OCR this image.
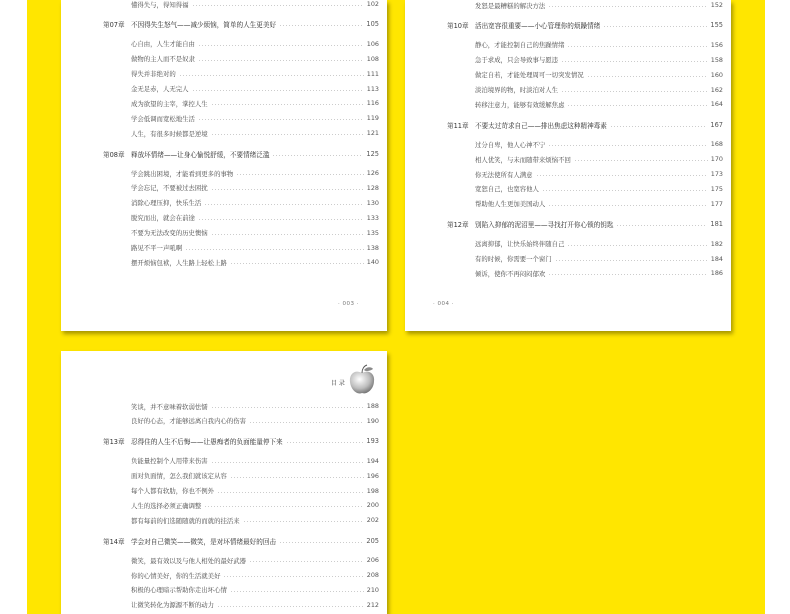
懂得失与，得知得福	102
第07章 不因得失生怒气——减少烦恼，简单的人生更美好	105
心自由，人生才能自由	106
做物的主人而不是奴隶	108
得失并非绝对的	111
金无足赤，人无完人	113
成为欲望的主宰，掌控人生	116
学会低调而宽松地生活	119
人生，有很多时候都是逆境	121
第08章 释放坏情绪——让身心愉悦舒缓，不要情绪泛滥	125
学会跳出困境，才能看到更多的事物	126
学会忘记，不要被过去困扰	128
消除心理压抑，快乐生活	130
脱究而出，就会在前途	133
不要为无法改变的历史懊恼	135
路见不平一声吼啊	138
摆开烦恼包袱，人生路上轻松上路	140
· 003 ·
发怒是最糟糕的解决方法	152
第10章 活出宽容很重要——小心管理你的烦躁情绪	155
静心，才能控制自己的焦躁情绪	156
急于求成，只会导致事与愿违	158
做定自若，才能处理周可一切突发情况	160
淡泊境界的物，时淡泊对人生	162
转移注意力，能够有效缓解焦虑	164
第11章 不要太过苛求自己——排出焦虑这种精神毒素	167
过分自卑，他人心神不宁	168
相人优笑，与未而随带来烦恼不回	170
你无法使所有人满意	173
宽恕自己，也宽容他人	175
帮助他人生更加美国动人	177
第12章 别陷入抑郁的泥沼里——寻找打开你心锁的钥匙	181
远离抑郁，让快乐始终伴随自己	182
有的时候，你需要一个窗门	184
倾诉，使你不再闷闷郁欢	186
· 004 ·
目 录
笑谈，并不意味着软弱怯懦	188
良好的心态，才能够远离自我内心的伤害	190
第13章 忍得住的人生不后悔——让愚痴者的负面能量停下来	193
负能量控制个人用带来伤害	194
面对负面情，怎么我们就该定从容	196
每个人都有软肋，你也不例外	198
人生的选择必须正确调整	200
都有每前的们选随随就的而就的挂活来	202
第14章 学会对自己微笑——微笑，是对坏情绪最好的回击	205
微笑，最有效以及与他人相处的最好武器	206
你的心情美好，你的生活就美好	208
积极的心理暗示帮助你走出坏心情	210
让微笑转化为源源不断的动力	212
